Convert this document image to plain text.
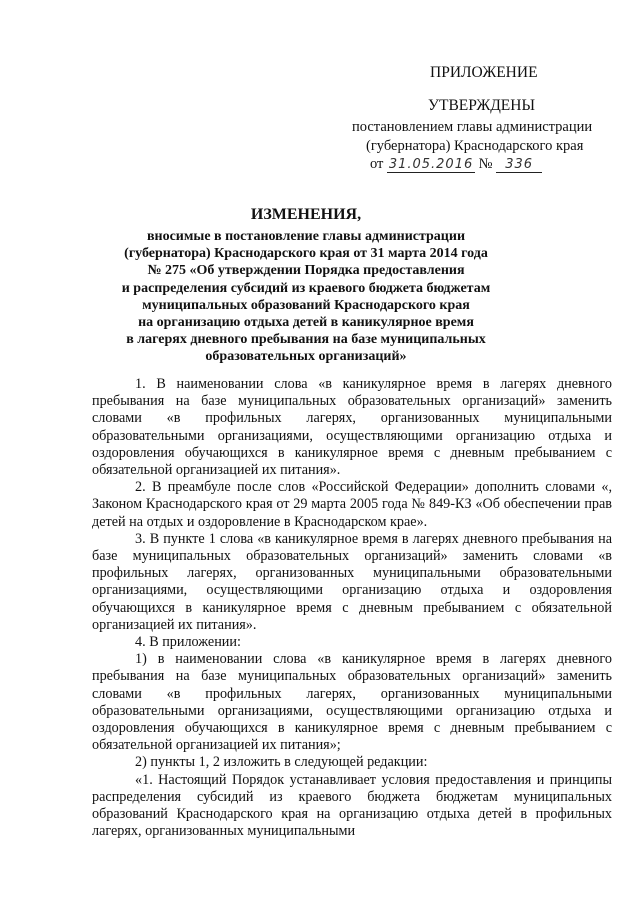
ПРИЛОЖЕНИЕ
УТВЕРЖДЕНЫ
постановлением главы администрации
(губернатора) Краснодарского края
от 31.05.2016 № 336
ИЗМЕНЕНИЯ,
вносимые в постановление главы администрации
(губернатора) Краснодарского края от 31 марта 2014 года
№ 275 «Об утверждении Порядка предоставления
и распределения субсидий из краевого бюджета бюджетам
муниципальных образований Краснодарского края
на организацию отдыха детей в каникулярное время
в лагерях дневного пребывания на базе муниципальных
образовательных организаций»

1. В наименовании слова «в каникулярное время в лагерях дневного пребывания на базе муниципальных образовательных организаций» заменить словами «в профильных лагерях, организованных муниципальными образовательными организациями, осуществляющими организацию отдыха и оздоровления обучающихся в каникулярное время с дневным пребыванием с обязательной организацией их питания».

2. В преамбуле после слов «Российской Федерации» дополнить словами «, Законом Краснодарского края от 29 марта 2005 года № 849-КЗ «Об обеспечении прав детей на отдых и оздоровление в Краснодарском крае».

3. В пункте 1 слова «в каникулярное время в лагерях дневного пребывания на базе муниципальных образовательных организаций» заменить словами «в профильных лагерях, организованных муниципальными образовательными организациями, осуществляющими организацию отдыха и оздоровления обучающихся в каникулярное время с дневным пребыванием с обязательной организацией их питания».

4. В приложении:

1) в наименовании слова «в каникулярное время в лагерях дневного пребывания на базе муниципальных образовательных организаций» заменить словами «в профильных лагерях, организованных муниципальными образовательными организациями, осуществляющими организацию отдыха и оздоровления обучающихся в каникулярное время с дневным пребыванием с обязательной организацией их питания»;

2) пункты 1, 2 изложить в следующей редакции:

«1. Настоящий Порядок устанавливает условия предоставления и принципы распределения субсидий из краевого бюджета бюджетам муниципальных образований Краснодарского края на организацию отдыха детей в профильных лагерях, организованных муниципальными
